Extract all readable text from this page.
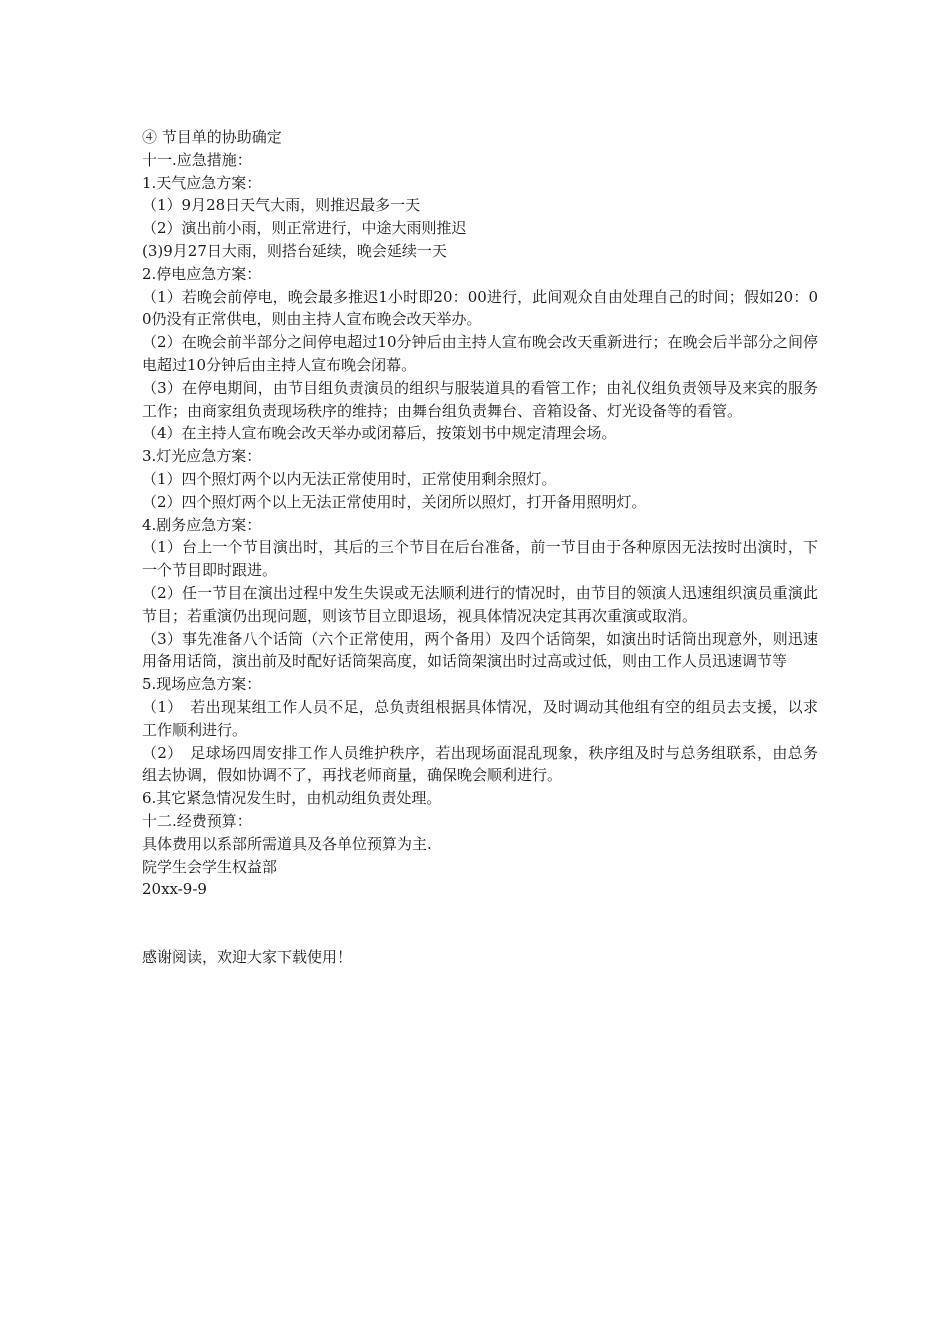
④ 节目单的协助确定

十一.应急措施：

1.天气应急方案：

（1）9月28日天气大雨，则推迟最多一天

（2）演出前小雨，则正常进行，中途大雨则推迟

(3)9月27日大雨，则搭台延续，晚会延续一天

2.停电应急方案：

（1）若晚会前停电，晚会最多推迟1小时即20：00进行，此间观众自由处理自己的时间；假如20：00仍没有正常供电，则由主持人宣布晚会改天举办。

（2）在晚会前半部分之间停电超过10分钟后由主持人宣布晚会改天重新进行；在晚会后半部分之间停电超过10分钟后由主持人宣布晚会闭幕。

（3）在停电期间，由节目组负责演员的组织与服装道具的看管工作；由礼仪组负责领导及来宾的服务工作；由商家组负责现场秩序的维持；由舞台组负责舞台、音箱设备、灯光设备等的看管。

（4）在主持人宣布晚会改天举办或闭幕后，按策划书中规定清理会场。

3.灯光应急方案：

（1）四个照灯两个以内无法正常使用时，正常使用剩余照灯。

（2）四个照灯两个以上无法正常使用时，关闭所以照灯，打开备用照明灯。

4.剧务应急方案：

（1）台上一个节目演出时，其后的三个节目在后台准备，前一节目由于各种原因无法按时出演时，下一个节目即时跟进。

（2）任一节目在演出过程中发生失误或无法顺利进行的情况时，由节目的领演人迅速组织演员重演此节目；若重演仍出现问题，则该节目立即退场，视具体情况决定其再次重演或取消。

（3）事先准备八个话筒（六个正常使用，两个备用）及四个话筒架，如演出时话筒出现意外，则迅速用备用话筒，演出前及时配好话筒架高度，如话筒架演出时过高或过低，则由工作人员迅速调节等

5.现场应急方案：

（1）　若出现某组工作人员不足，总负责组根据具体情况，及时调动其他组有空的组员去支援，以求工作顺利进行。

（2）　足球场四周安排工作人员维护秩序，若出现场面混乱现象，秩序组及时与总务组联系，由总务组去协调，假如协调不了，再找老师商量，确保晚会顺利进行。

6.其它紧急情况发生时，由机动组负责处理。

十二.经费预算：

具体费用以系部所需道具及各单位预算为主.

院学生会学生权益部

20xx-9-9

感谢阅读，欢迎大家下载使用！
